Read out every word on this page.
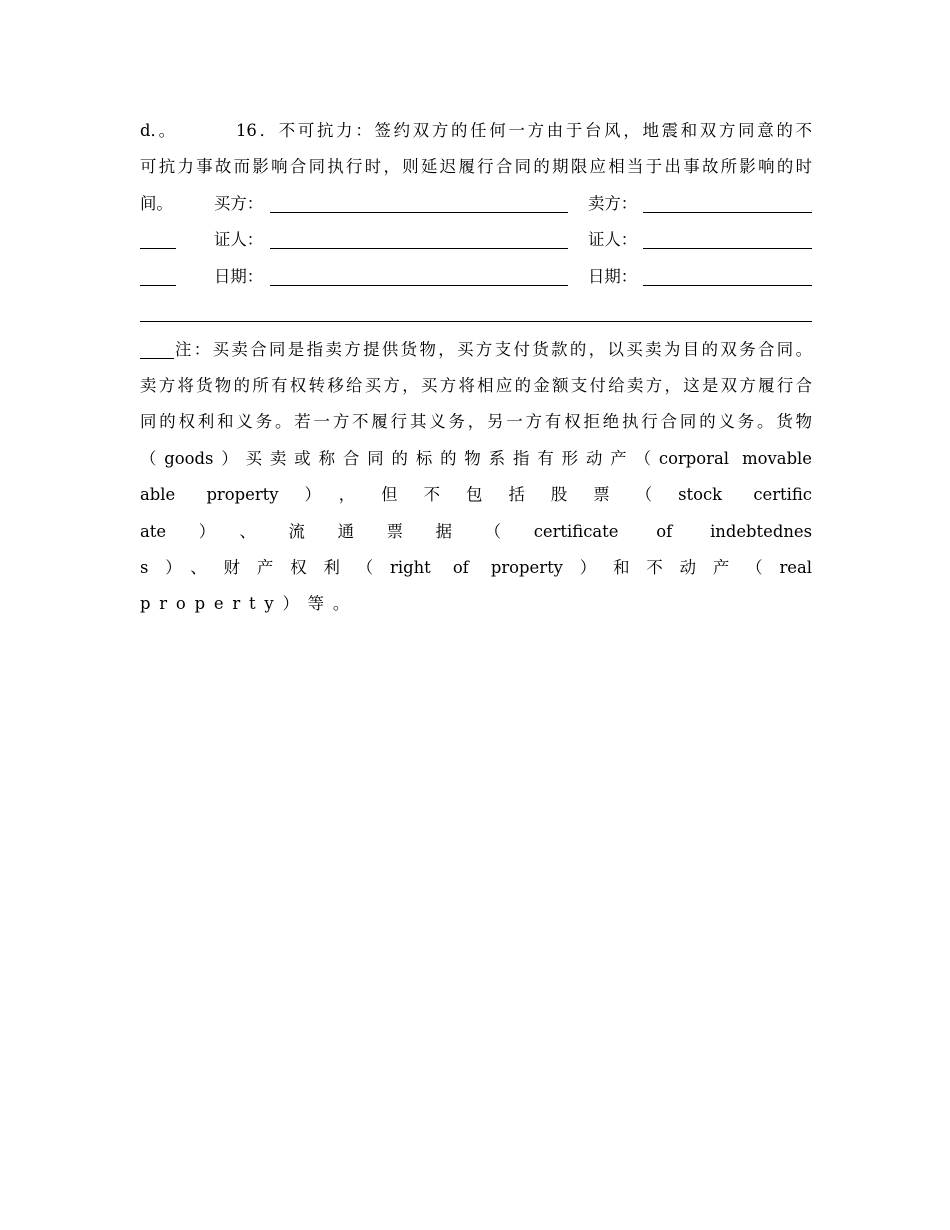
d．。	16．不可抗力：签约双方的任何一方由于台风，地震和双方同意的不
可抗力事故而影响合同执行时，则延迟履行合同的期限应相当于出事故所影响的时
间。	买方：	卖方：
证人：	证人：
日期：	日期：
注：买卖合同是指卖方提供货物，买方支付货款的，以买卖为目的双务合同。
卖方将货物的所有权转移给买方，买方将相应的金额支付给卖方，这是双方履行合
同的权利和义务。若一方不履行其义务，另一方有权拒绝执行合同的义务。货物
（goods）买卖或称合同的标的物系指有形动产（corporal movable
able property），但不包括股票（stock certific
ate）、流通票据（certificate of indebtednes
s）、财产权利（right of property）和不动产（real
property）等。
